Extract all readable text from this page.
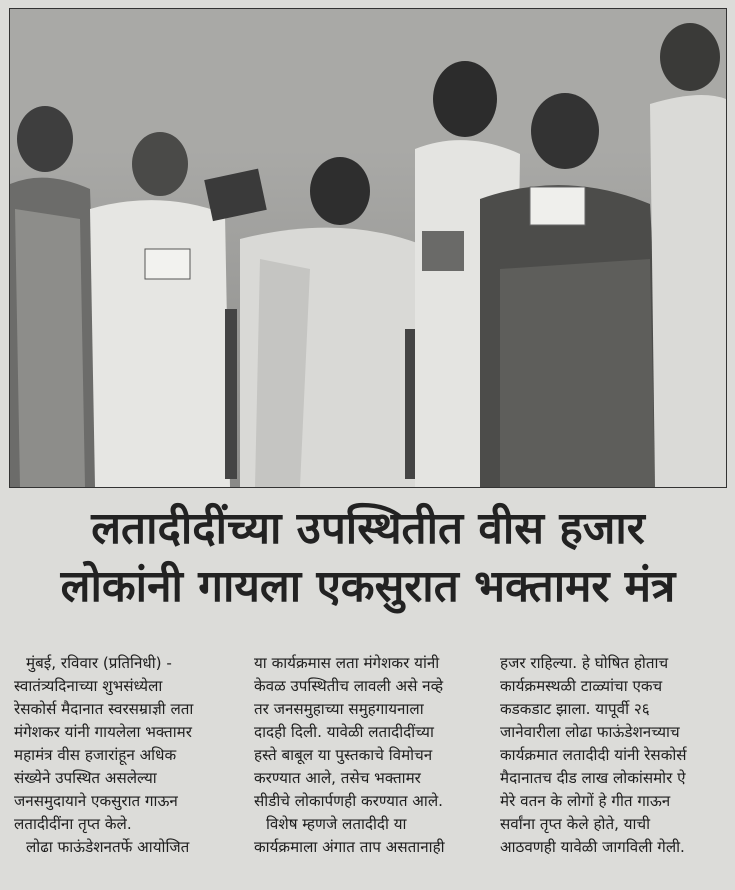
लतादीदींच्या उपस्थितीत वीस हजार
लोकांनी गायला एकसुरात भक्तामर मंत्र

मुंबई, रविवार (प्रतिनिधी) -

स्वातंत्र्यदिनाच्या शुभसंध्येला

रेसकोर्स मैदानात स्वरसम्राज्ञी लता

मंगेशकर यांनी गायलेला भक्तामर

महामंत्र वीस हजारांहून अधिक

संख्येने उपस्थित असलेल्या

जनसमुदायाने एकसुरात गाऊन

लतादीदींना तृप्त केले.

लोढा फाऊंडेशनतर्फे आयोजित

या कार्यक्रमास लता मंगेशकर यांनी

केवळ उपस्थितीच लावली असे नव्हे

तर जनसमुहाच्या समुहगायनाला

दादही दिली. यावेळी लतादीदींच्या

हस्ते बाबूल या पुस्तकाचे विमोचन

करण्यात आले, तसेच भक्तामर

सीडीचे लोकार्पणही करण्यात आले.

विशेष म्हणजे लतादीदी या

कार्यक्रमाला अंगात ताप असतानाही

हजर राहिल्या. हे घोषित होताच

कार्यक्रमस्थळी टाळ्यांचा एकच

कडकडाट झाला. यापूर्वी २६

जानेवारीला लोढा फाऊंडेशनच्याच

कार्यक्रमात लतादीदी यांनी रेसकोर्स

मैदानातच दीड लाख लोकांसमोर ऐ

मेरे वतन के लोगों हे गीत गाऊन

सर्वांना तृप्त केले होते, याची

आठवणही यावेळी जागविली गेली.
